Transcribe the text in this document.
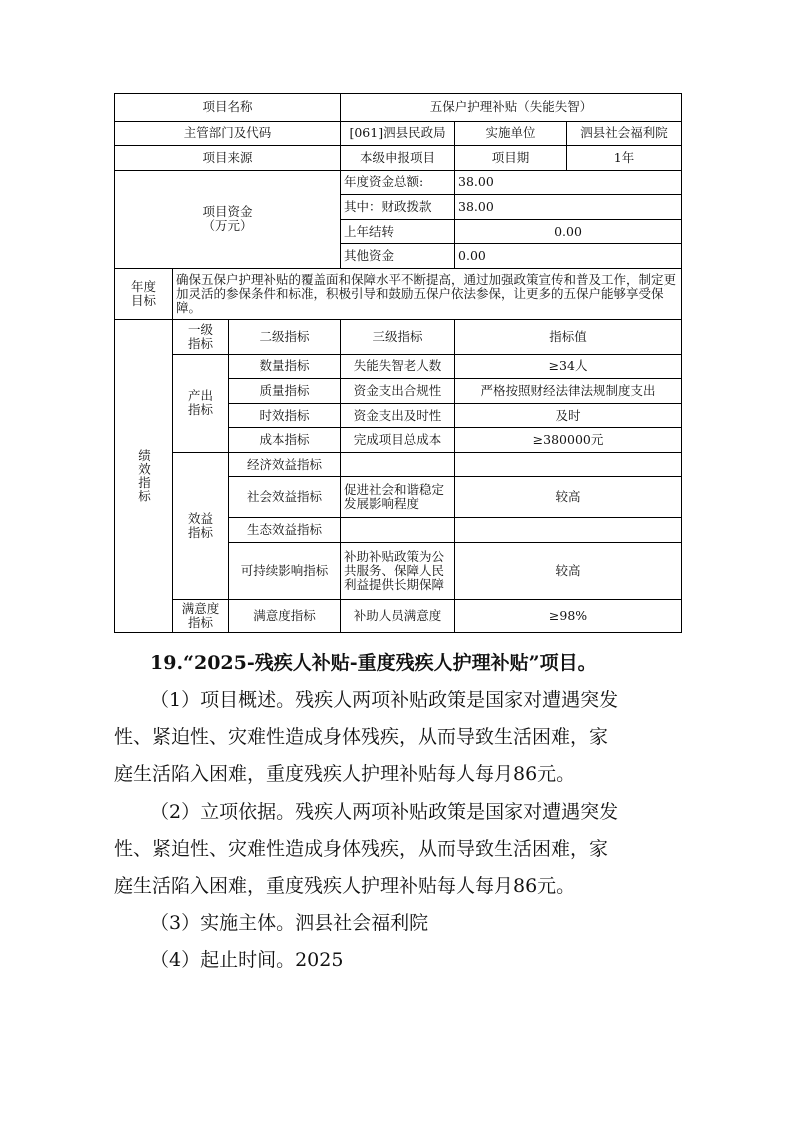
项目名称			五保户护理补贴（失能失智）		
主管部门及代码			[061]泗县民政局	实施单位	泗县社会福利院
项目来源			本级申报项目	项目期	1年
项目资金（万元）			年度资金总额:	38.00	
			其中：财政拨款	38.00	
			上年结转	0.00	
			其他资金	0.00	
年度目标	确保五保户护理补贴的覆盖面和保障水平不断提高，通过加强政策宣传和普及工作，制定更加灵活的参保条件和标准，积极引导和鼓励五保户依法参保，让更多的五保户能够享受保障。				
绩效指标	一级指标	二级指标	三级指标	指标值	
	产出指标	数量指标	失能失智老人数	≥34人	
		质量指标	资金支出合规性	严格按照财经法律法规制度支出	
		时效指标	资金支出及时性	及时	
		成本指标	完成项目总成本	≥380000元	
	效益指标	经济效益指标			
		社会效益指标	促进社会和谐稳定发展影响程度	较高	
		生态效益指标			
		可持续影响指标	补助补贴政策为公共服务、保障人民利益提供长期保障	较高	
	满意度指标	满意度指标	补助人员满意度	≥98%	
19.“2025-残疾人补贴-重度残疾人护理补贴”项目。
（1）项目概述。残疾人两项补贴政策是国家对遭遇突发
性、紧迫性、灾难性造成身体残疾，从而导致生活困难，家
庭生活陷入困难，重度残疾人护理补贴每人每月86元。
（2）立项依据。残疾人两项补贴政策是国家对遭遇突发
性、紧迫性、灾难性造成身体残疾，从而导致生活困难，家
庭生活陷入困难，重度残疾人护理补贴每人每月86元。
（3）实施主体。泗县社会福利院
（4）起止时间。2025
